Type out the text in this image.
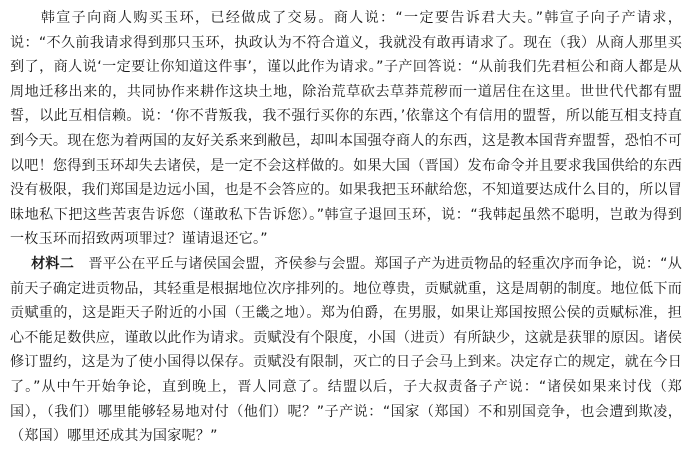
　　韩宣子向商人购买玉环，已经做成了交易。商人说：“一定要告诉君大夫。”韩宣子向子产请求，说：“不久前我请求得到那只玉环，执政认为不符合道义，我就没有敢再请求了。现在（我）从商人那里买到了，商人说‘一定要让你知道这件事’，谨以此作为请求。”子产回答说：“从前我们先君桓公和商人都是从周地迁移出来的，共同协作来耕作这块土地，除治荒草砍去草莽荒秽而一道居住在这里。世世代代都有盟誓，以此互相信赖。说：‘你不背叛我，我不强行买你的东西，’依靠这个有信用的盟誓，所以能互相支持直到今天。现在您为着两国的友好关系来到敝邑，却叫本国强夺商人的东西，这是教本国背弃盟誓，恐怕不可以吧！您得到玉环却失去诸侯，是一定不会这样做的。如果大国（晋国）发布命令并且要求我国供给的东西没有极限，我们郑国是边远小国，也是不会答应的。如果我把玉环献给您，不知道要达成什么目的，所以冒昧地私下把这些苦衷告诉您（谨敢私下告诉您）。”韩宣子退回玉环，说：“我韩起虽然不聪明，岂敢为得到一枚玉环而招致两项罪过？谨请退还它。”

材料二　 晋平公在平丘与诸侯国会盟，齐侯参与会盟。郑国子产为进贡物品的轻重次序而争论，说：“从前天子确定进贡物品，其轻重是根据地位次序排列的。地位尊贵，贡赋就重，这是周朝的制度。地位低下而贡赋重的，这是距天子附近的小国（王畿之地）。郑为伯爵，在男服，如果让郑国按照公侯的贡赋标准，担心不能足数供应，谨敢以此作为请求。贡赋没有个限度，小国（进贡）有所缺少，这就是获罪的原因。诸侯修订盟约，这是为了使小国得以保存。贡赋没有限制，灭亡的日子会马上到来。决定存亡的规定，就在今日了。”从中午开始争论，直到晚上，晋人同意了。结盟以后，子大叔责备子产说：“诸侯如果来讨伐（郑国），（我们）哪里能够轻易地对付（他们）呢？”子产说：“国家（郑国）不和别国竞争，也会遭到欺凌，（郑国）哪里还成其为国家呢？”
